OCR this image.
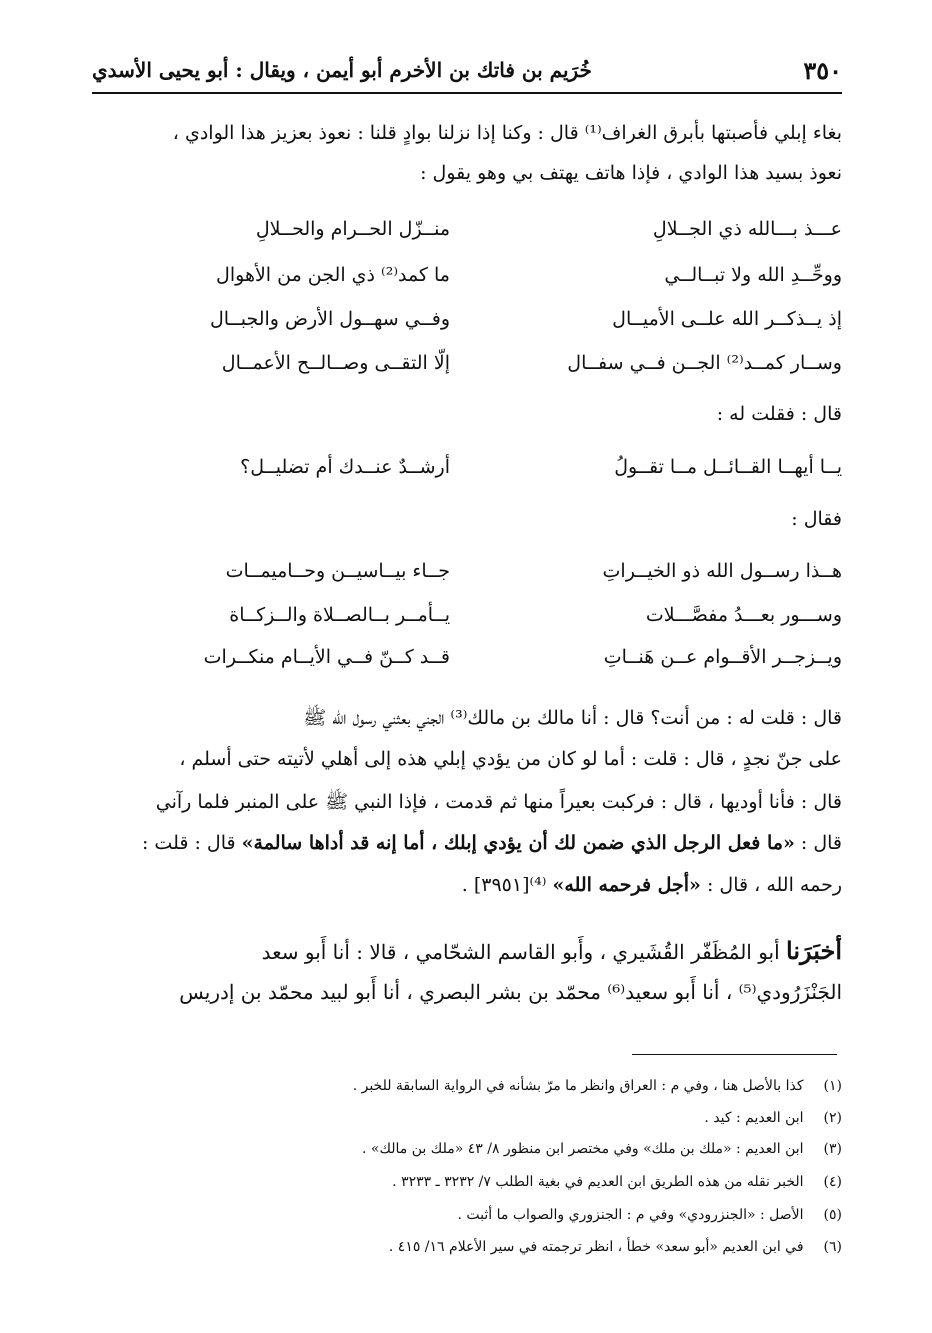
٣٥٠
خُرَيم بن فاتك بن الأخرم أبو أيمن ، ويقال : أبو يحيى الأسدي
بغاء إبلي فأصبتها بأبرق الغراف⁽¹⁾ قال : وكنا إذا نزلنا بوادٍ قلنا : نعوذ بعزيز هذا الوادي ،
نعوذ بسيد هذا الوادي ، فإذا هاتف يهتف بي وهو يقول :
عـــذ بـــالله ذي الجــلالِ
منــزّل الحــرام والحــلالِ
ووحِّــدِ الله ولا تبــالــي
ما كمد⁽²⁾ ذي الجن من الأهوال
إذ يــذكــر الله علــى الأميــال
وفــي سهــول الأرض والجبــال
وســار كمــد⁽²⁾ الجــن فــي سفــال
إلّا التقــى وصــالــح الأعمــال
قال : فقلت له :
يــا أيهــا القــائــل مــا تقــولُ
أرشــدٌ عنــدك أم تضليــل؟
فقال :
هــذا رســول الله ذو الخيــراتِ
جــاء بيــاسيــن وحــاميمــات
وســـور بعـــدُ مفصَّـــلات
يــأمــر بــالصــلاة والــزكــاة
ويــزجــر الأقــوام عــن هَنــاتِ
قــد كــنّ فــي الأيــام منكــرات
قال : قلت له : من أنت؟ قال : أنا مالك بن مالك⁽³⁾ الجني بعثني رسول الله ﷺ
على جنّ نجدٍ ، قال : قلت : أما لو كان من يؤدي إبلي هذه إلى أهلي لأتيته حتى أسلم ،
قال : فأنا أوديها ، قال : فركبت بعيراً منها ثم قدمت ، فإذا النبي ﷺ على المنبر فلما رآني
قال : «ما فعل الرجل الذي ضمن لك أن يؤدي إبلك ، أما إنه قد أداها سالمة» قال : قلت :
رحمه الله ، قال : «أجل فرحمه الله» ⁽⁴⁾[٣٩٥١] .
أخبَرَنا أبو المُظَفّر القُشَيري ، وأَبو القاسم الشحّامي ، قالا : أنا أَبو سعد
الجَنْزَرُودي⁽⁵⁾ ، أنا أَبو سعيد⁽⁶⁾ محمّد بن بشر البصري ، أنا أَبو لبيد محمّد بن إدريس
(١) كذا بالأصل هنا ، وفي م : العراق وانظر ما مرّ بشأنه في الرواية السابقة للخبر .
(٢) ابن العديم : كيد .
(٣) ابن العديم : «ملك بن ملك» وفي مختصر ابن منظور ٨/ ٤٣ «ملك بن مالك» .
(٤) الخبر نقله من هذه الطريق ابن العديم في بغية الطلب ٧/ ٣٢٣٢ ـ ٣٢٣٣ .
(٥) الأصل : «الجنزرودي» وفي م : الجنزوري والصواب ما أثبت .
(٦) في ابن العديم «أبو سعد» خطأ ، انظر ترجمته في سير الأعلام ١٦/ ٤١٥ .
